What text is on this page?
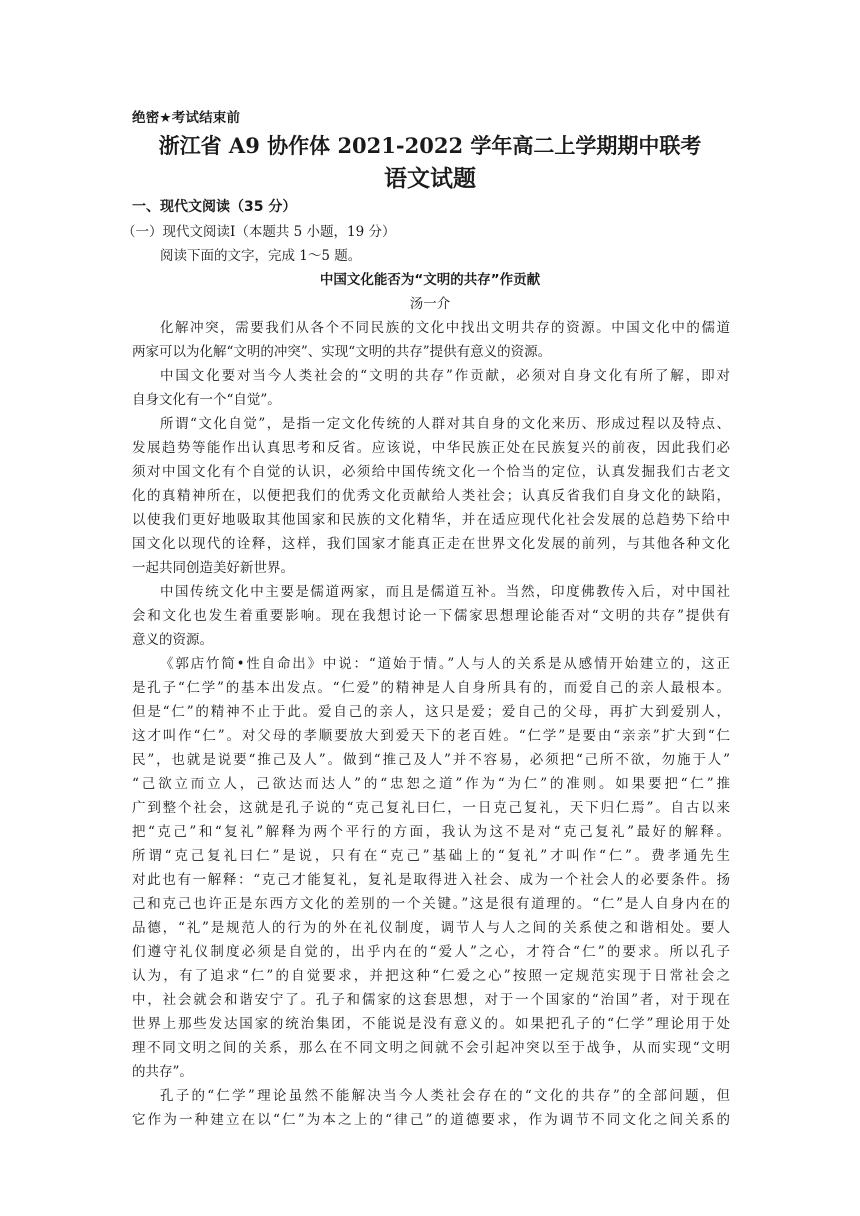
绝密★考试结束前
浙江省 A9 协作体 2021-2022 学年高二上学期期中联考
语文试题
一、现代文阅读（35 分）
（一）现代文阅读Ⅰ（本题共 5 小题，19 分）
阅读下面的文字，完成 1～5 题。
中国文化能否为“文明的共存”作贡献
汤一介
化解冲突，需要我们从各个不同民族的文化中找出文明共存的资源。中国文化中的儒道
两家可以为化解“文明的冲突”、实现“文明的共存”提供有意义的资源。
中国文化要对当今人类社会的“文明的共存”作贡献，必须对自身文化有所了解，即对
自身文化有一个“自觉”。
所谓“文化自觉”，是指一定文化传统的人群对其自身的文化来历、形成过程以及特点、
发展趋势等能作出认真思考和反省。应该说，中华民族正处在民族复兴的前夜，因此我们必
须对中国文化有个自觉的认识，必须给中国传统文化一个恰当的定位，认真发掘我们古老文
化的真精神所在，以便把我们的优秀文化贡献给人类社会；认真反省我们自身文化的缺陷，
以使我们更好地吸取其他国家和民族的文化精华，并在适应现代化社会发展的总趋势下给中
国文化以现代的诠释，这样，我们国家才能真正走在世界文化发展的前列，与其他各种文化
一起共同创造美好新世界。
中国传统文化中主要是儒道两家，而且是儒道互补。当然，印度佛教传入后，对中国社
会和文化也发生着重要影响。现在我想讨论一下儒家思想理论能否对“文明的共存”提供有
意义的资源。
《郭店竹简•性自命出》中说：“道始于情。”人与人的关系是从感情开始建立的，这正
是孔子“仁学”的基本出发点。“仁爱”的精神是人自身所具有的，而爱自己的亲人最根本。
但是“仁”的精神不止于此。爱自己的亲人，这只是爱；爱自己的父母，再扩大到爱别人，
这才叫作“仁”。对父母的孝顺要放大到爱天下的老百姓。“仁学”是要由“亲亲”扩大到“仁
民”，也就是说要“推己及人”。做到“推己及人”并不容易，必须把“己所不欲，勿施于人”
“己欲立而立人，己欲达而达人”的“忠恕之道”作为“为仁”的准则。如果要把“仁”推
广到整个社会，这就是孔子说的“克己复礼曰仁，一日克己复礼，天下归仁焉”。自古以来
把“克己”和“复礼”解释为两个平行的方面，我认为这不是对“克己复礼”最好的解释。
所谓“克己复礼曰仁”是说，只有在“克己”基础上的“复礼”才叫作“仁”。费孝通先生
对此也有一解释：“克己才能复礼，复礼是取得进入社会、成为一个社会人的必要条件。扬
己和克己也许正是东西方文化的差别的一个关键。”这是很有道理的。“仁”是人自身内在的
品德，“礼”是规范人的行为的外在礼仪制度，调节人与人之间的关系使之和谐相处。要人
们遵守礼仪制度必须是自觉的，出乎内在的“爱人”之心，才符合“仁”的要求。所以孔子
认为，有了追求“仁”的自觉要求，并把这种“仁爱之心”按照一定规范实现于日常社会之
中，社会就会和谐安宁了。孔子和儒家的这套思想，对于一个国家的“治国”者，对于现在
世界上那些发达国家的统治集团，不能说是没有意义的。如果把孔子的“仁学”理论用于处
理不同文明之间的关系，那么在不同文明之间就不会引起冲突以至于战争，从而实现“文明
的共存”。
孔子的“仁学”理论虽然不能解决当今人类社会存在的“文化的共存”的全部问题，但
它作为一种建立在以“仁”为本之上的“律己”的道德要求，作为调节不同文化之间关系的
